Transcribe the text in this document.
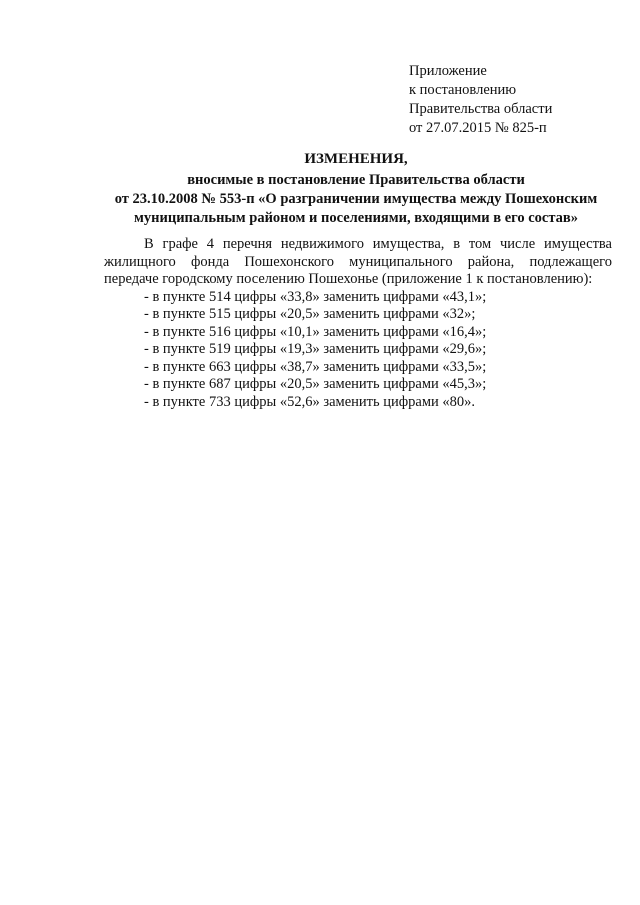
Приложение
к постановлению
Правительства области
от 27.07.2015 № 825-п
ИЗМЕНЕНИЯ,
вносимые в постановление Правительства области
от 23.10.2008 № 553-п «О разграничении имущества между Пошехонским
муниципальным районом и поселениями, входящими в его состав»

В графе 4 перечня недвижимого имущества, в том числе имущества жилищного фонда Пошехонского муниципального района, подлежащего передаче городскому поселению Пошехонье (приложение 1 к постановлению):

- в пункте 514 цифры «33,8» заменить цифрами «43,1»;
- в пункте 515 цифры «20,5» заменить цифрами «32»;
- в пункте 516 цифры «10,1» заменить цифрами «16,4»;
- в пункте 519 цифры «19,3» заменить цифрами «29,6»;
- в пункте 663 цифры «38,7» заменить цифрами «33,5»;
- в пункте 687 цифры «20,5» заменить цифрами «45,3»;
- в пункте 733 цифры «52,6» заменить цифрами «80».
